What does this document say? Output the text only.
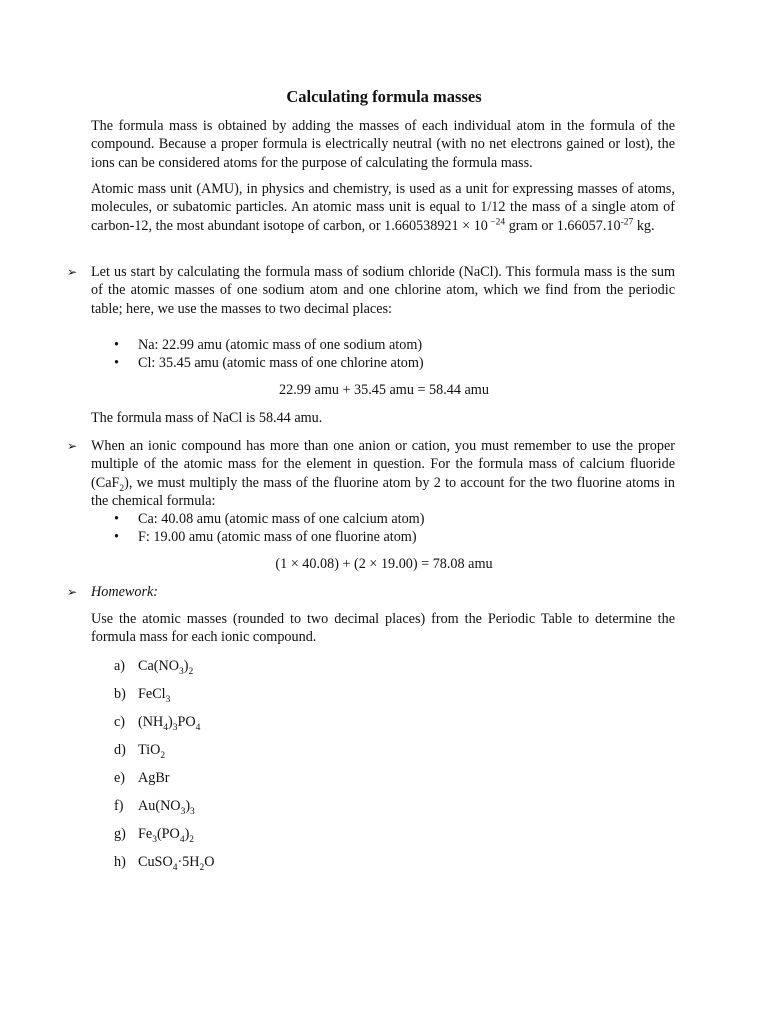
Calculating formula masses

The formula mass is obtained by adding the masses of each individual atom in the formula of the compound. Because a proper formula is electrically neutral (with no net electrons gained or lost), the ions can be considered atoms for the purpose of calculating the formula mass.

Atomic mass unit (AMU), in physics and chemistry, is used as a unit for expressing masses of atoms, molecules, or subatomic particles. An atomic mass unit is equal to 1/12 the mass of a single atom of carbon-12, the most abundant isotope of carbon, or 1.660538921 × 10 $^{-24}$ gram or $1.66057.10^{-27}$ kg.

➢ Let us start by calculating the formula mass of sodium chloride (NaCl). This formula mass is the sum of the atomic masses of one sodium atom and one chlorine atom, which we find from the periodic table; here, we use the masses to two decimal places:

• Na: 22.99 amu (atomic mass of one sodium atom)
• Cl: 35.45 amu (atomic mass of one chlorine atom)
22.99 amu + 35.45 amu = 58.44 amu

The formula mass of NaCl is 58.44 amu.

➢ When an ionic compound has more than one anion or cation, you must remember to use the proper multiple of the atomic mass for the element in question. For the formula mass of calcium fluoride (CaF$_2$), we must multiply the mass of the fluorine atom by 2 to account for the two fluorine atoms in the chemical formula:

• Ca: 40.08 amu (atomic mass of one calcium atom)
• F: 19.00 amu (atomic mass of one fluorine atom)
(1 × 40.08) + (2 × 19.00) = 78.08 amu
➢ Homework:

Use the atomic masses (rounded to two decimal places) from the Periodic Table to determine the formula mass for each ionic compound.

a) $Ca(NO_3)_2$
b) FeCl$_3$
c) $(NH_4)_3PO_4$
d) TiO$_2$
e) AgBr
f) $Au(NO_3)_3$
g) $Fe_3(PO_4)_2$
h) $CuSO_4\cdot 5H_2O$
